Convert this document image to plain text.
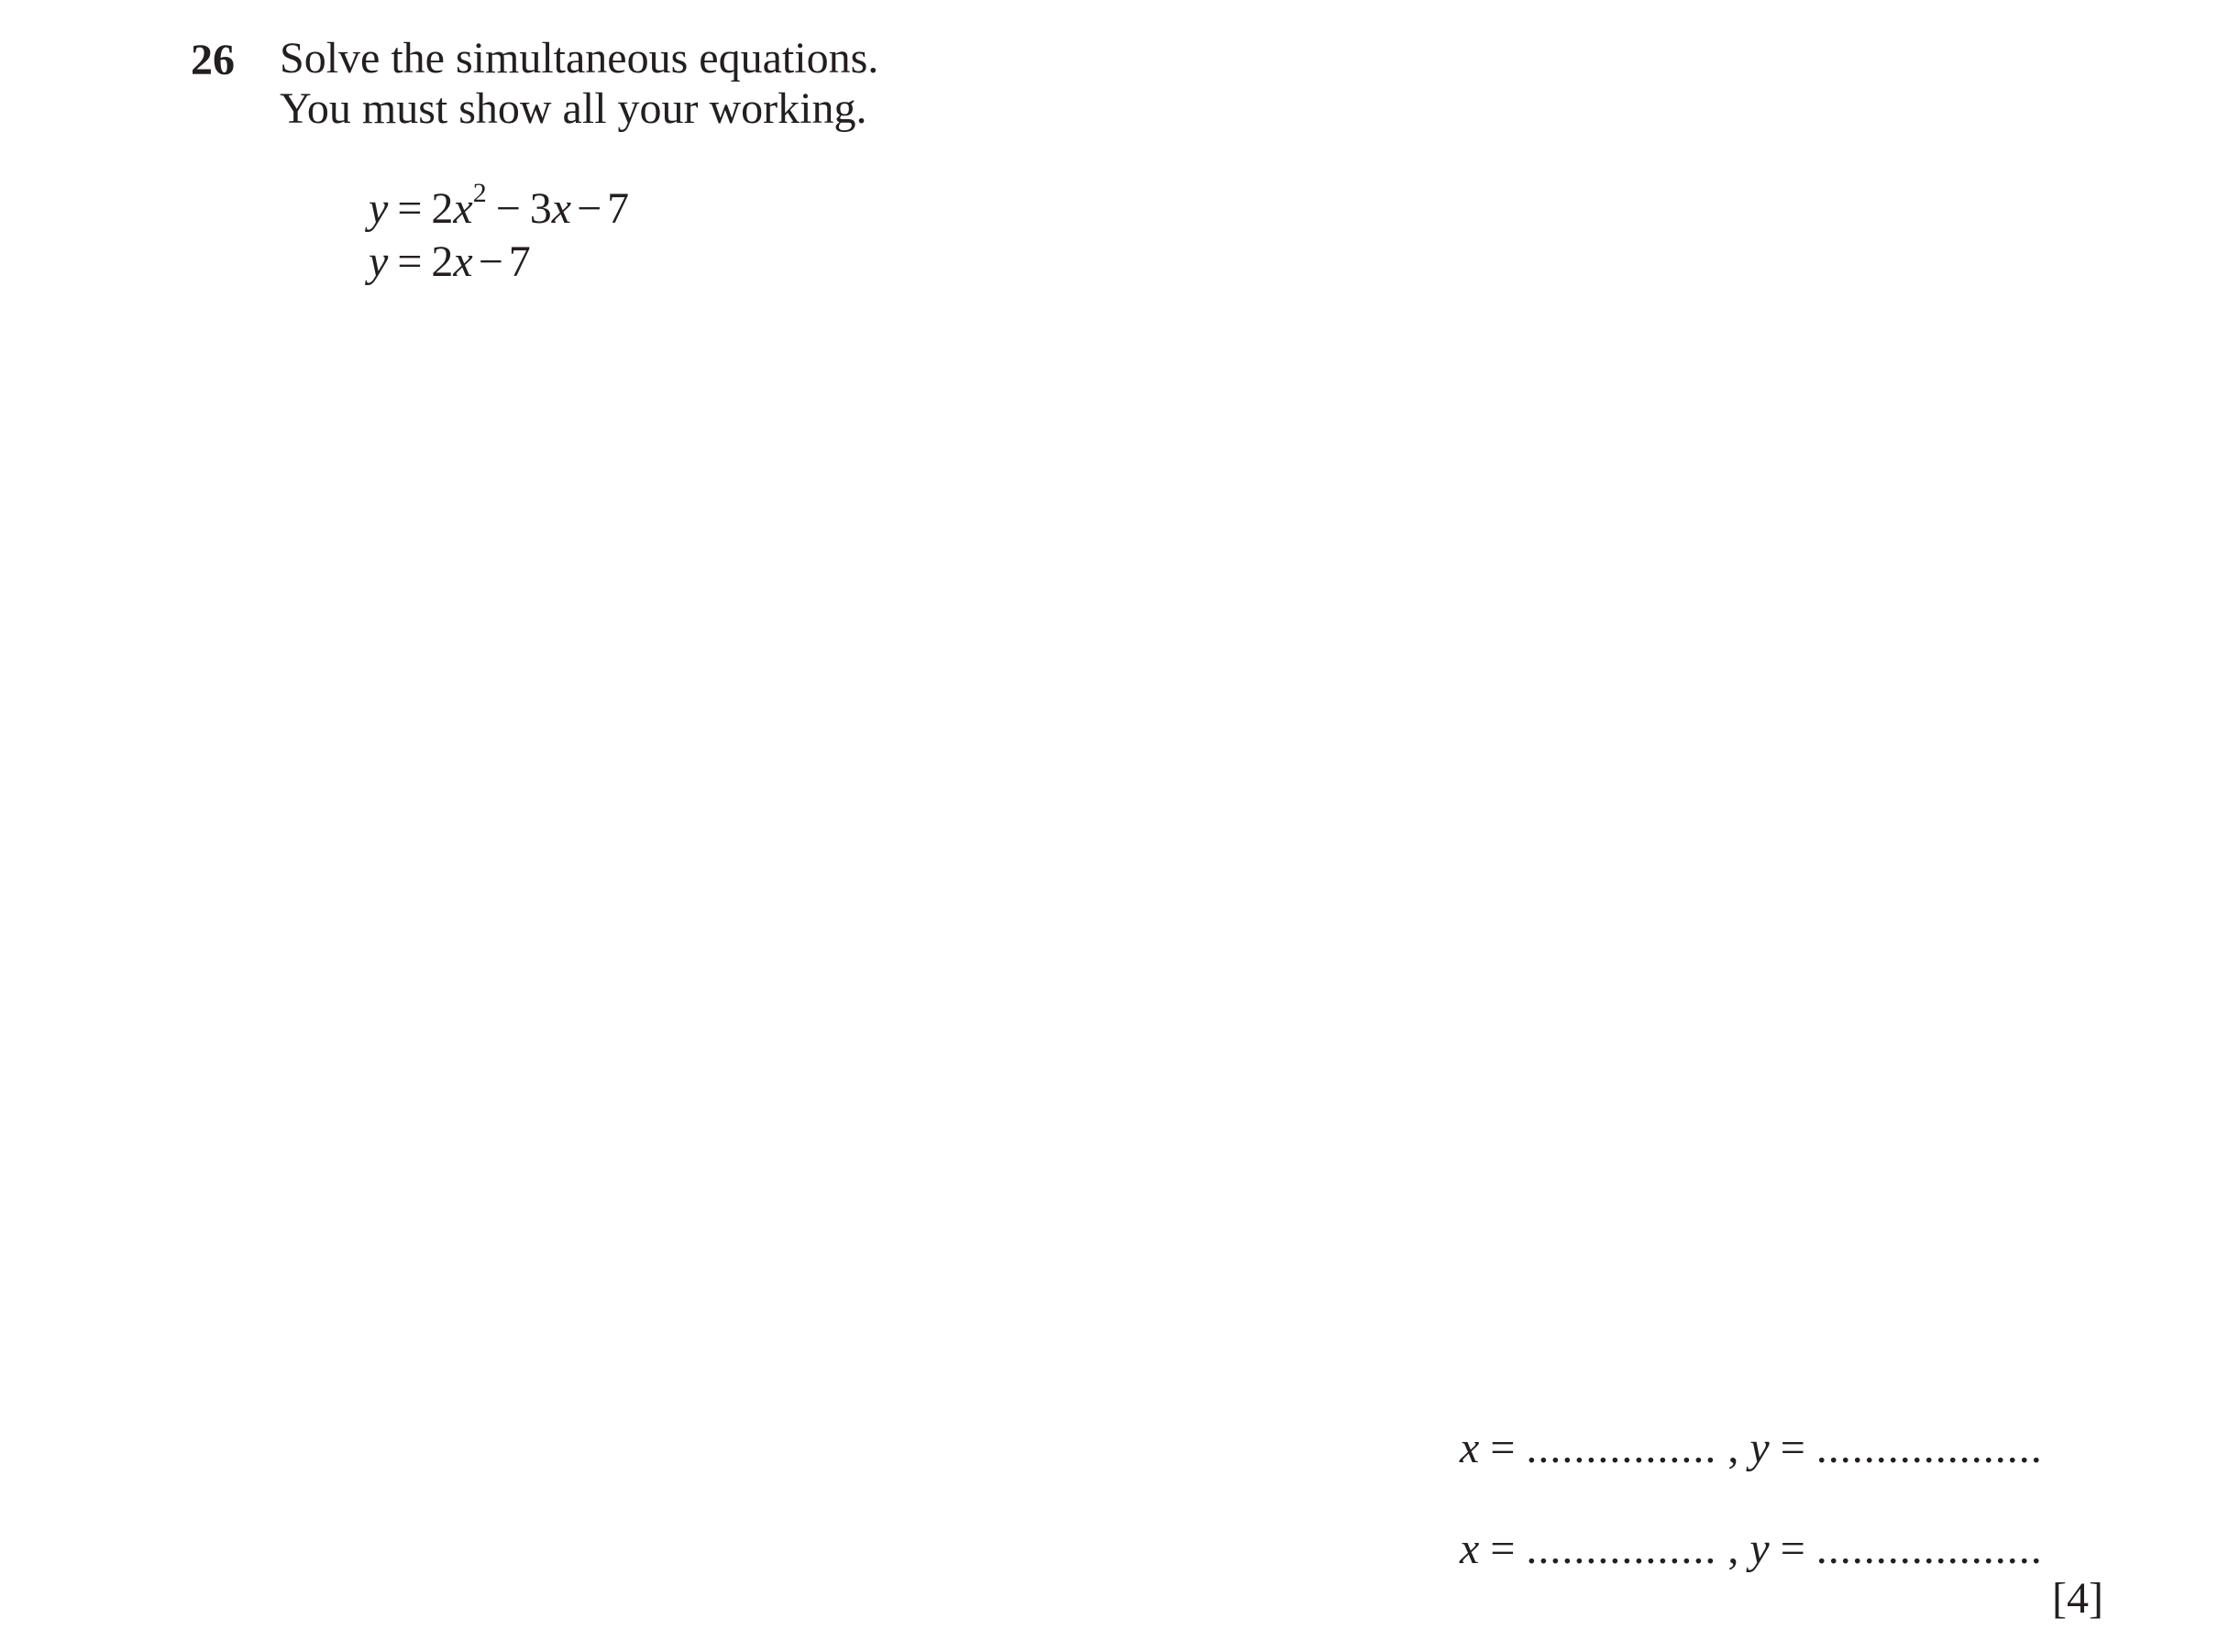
26 Solve the simultaneous equations.
You must show all your working.
$y = 2x^2 - 3x - 7$
y = 2x − 7
x = ................ , y = ...................
x = ................ , y = ...................
[4]
